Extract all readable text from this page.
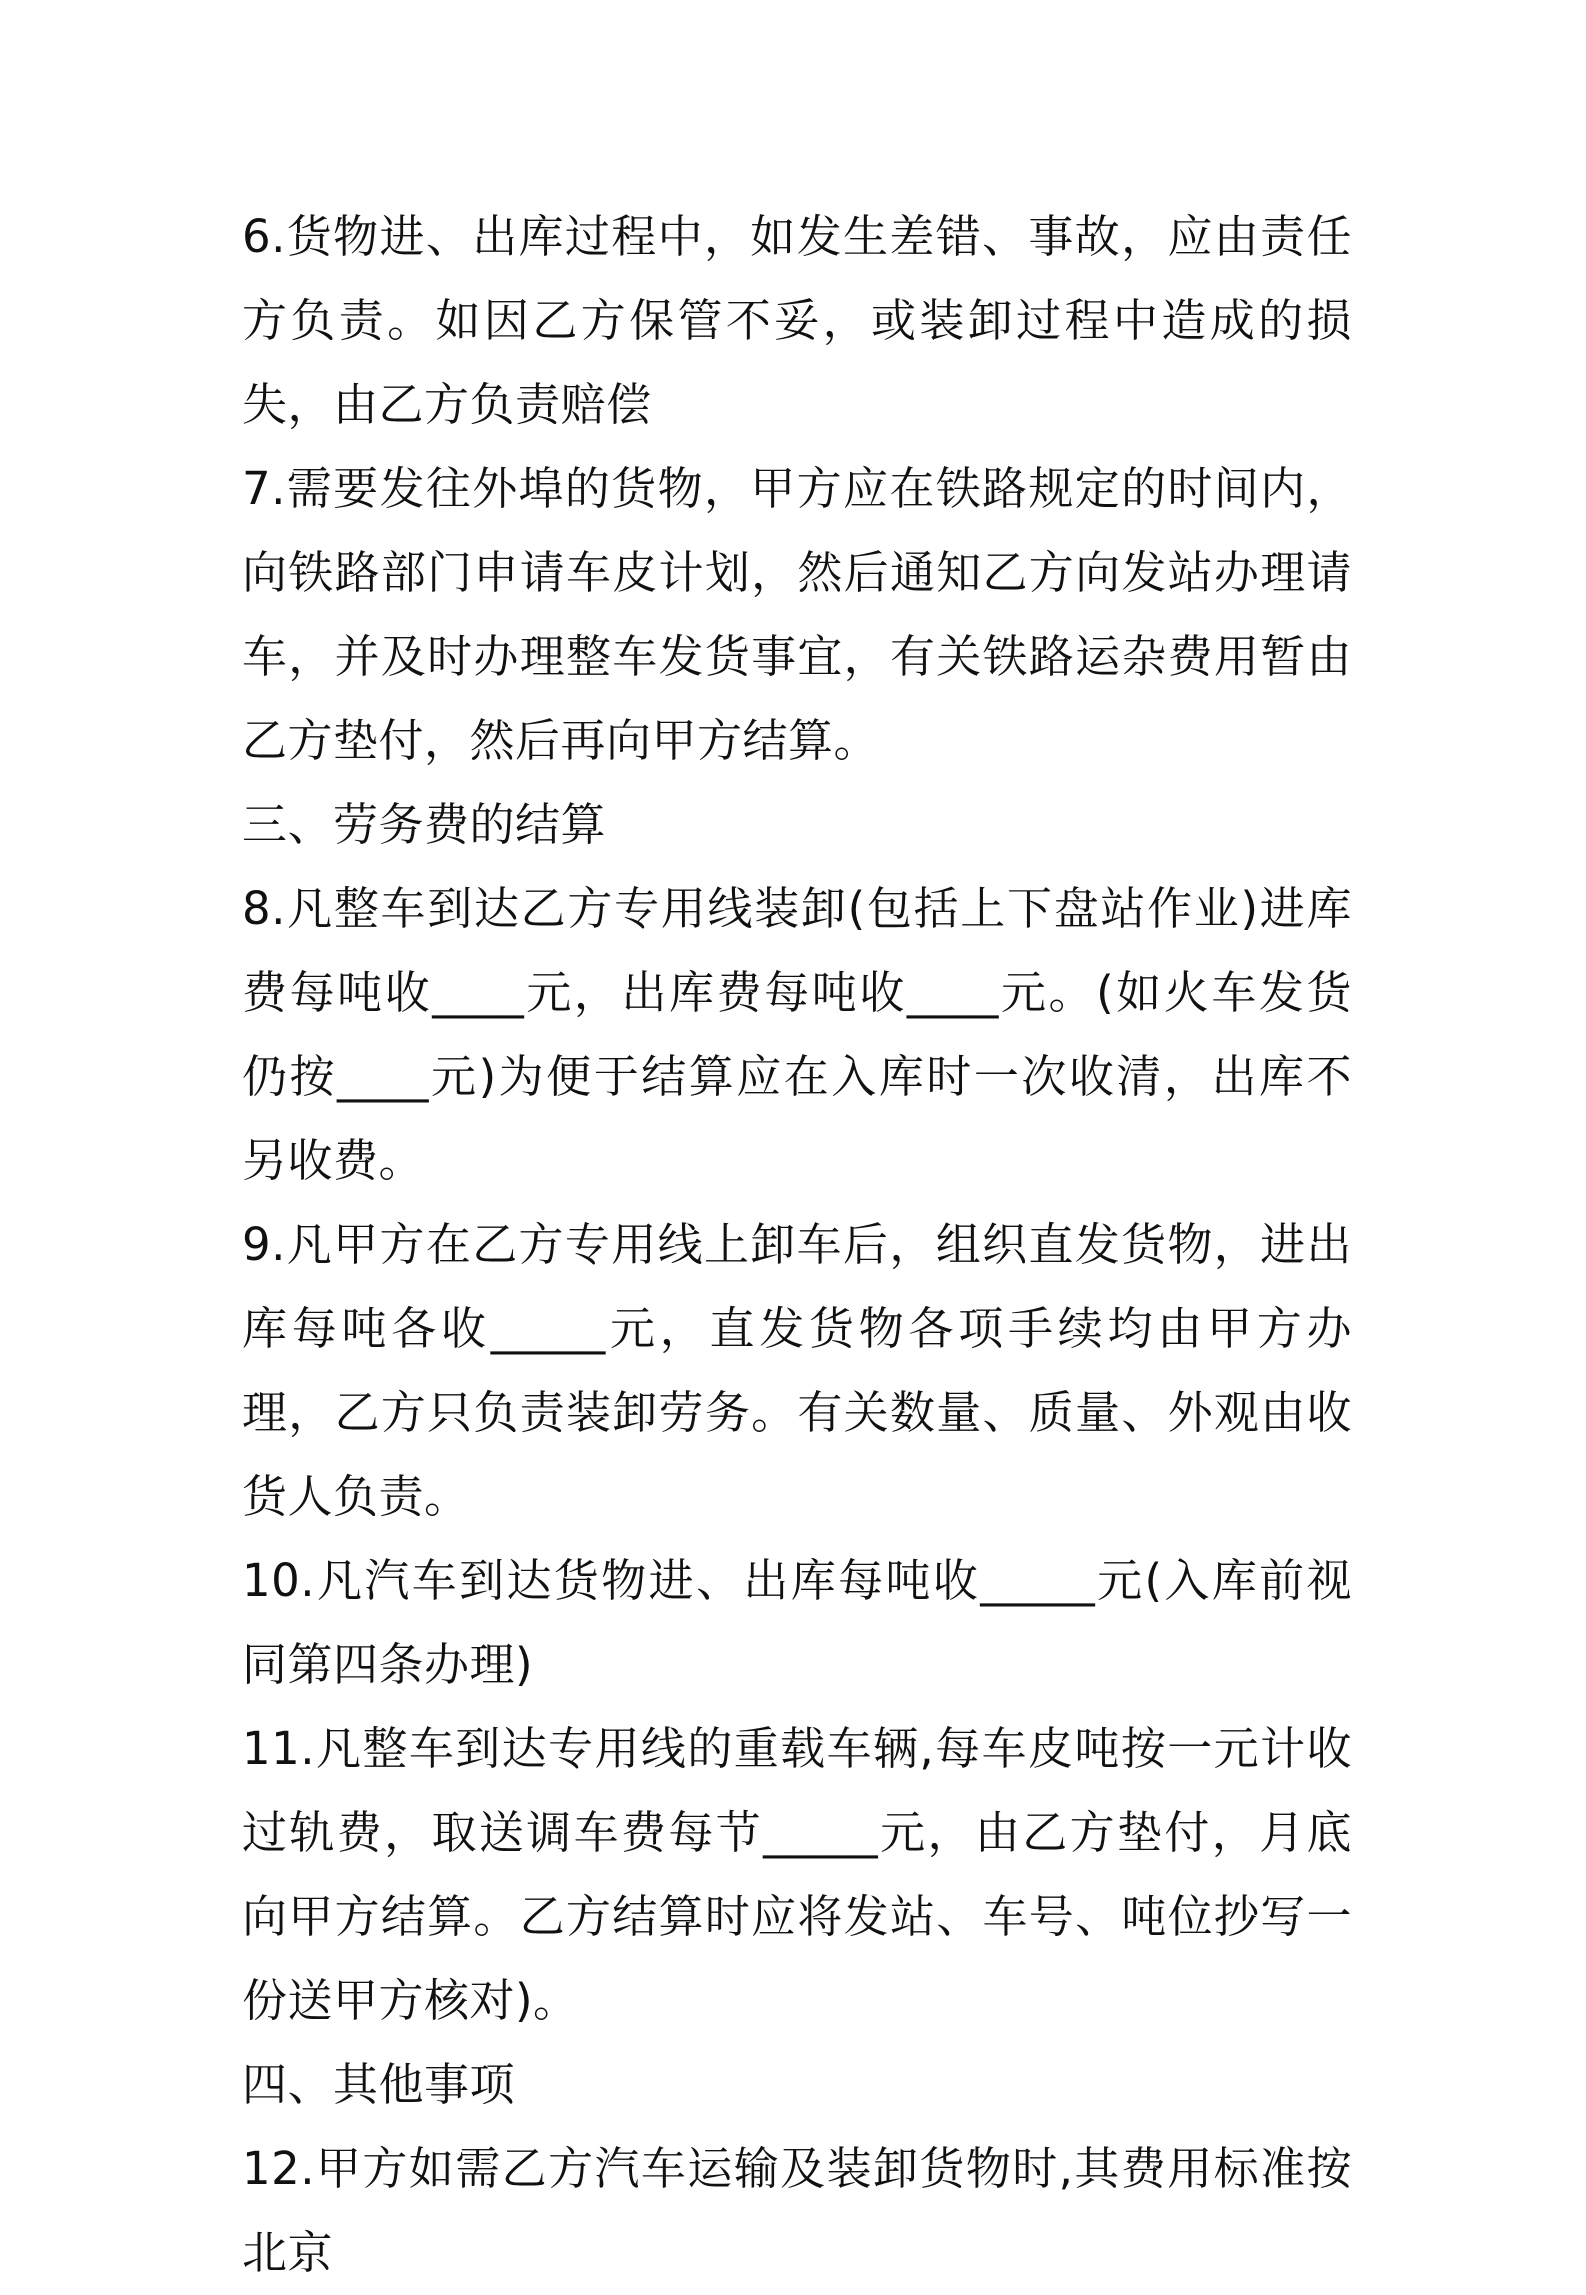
6.货物进、出库过程中，如发生差错、事故，应由责任方负责。如因乙方保管不妥，或装卸过程中造成的损失，由乙方负责赔偿

7.需要发往外埠的货物，甲方应在铁路规定的时间内，向铁路部门申请车皮计划，然后通知乙方向发站办理请车，并及时办理整车发货事宜，有关铁路运杂费用暂由乙方垫付，然后再向甲方结算。

三、劳务费的结算

8.凡整车到达乙方专用线装卸(包括上下盘站作业)进库费每吨收____元，出库费每吨收____元。(如火车发货仍按____元)为便于结算应在入库时一次收清，出库不另收费。

9.凡甲方在乙方专用线上卸车后，组织直发货物，进出库每吨各收_____元，直发货物各项手续均由甲方办理，乙方只负责装卸劳务。有关数量、质量、外观由收货人负责。

10.凡汽车到达货物进、出库每吨收_____元(入库前视同第四条办理)

11.凡整车到达专用线的重载车辆,每车皮吨按一元计收过轨费，取送调车费每节_____元，由乙方垫付，月底向甲方结算。乙方结算时应将发站、车号、吨位抄写一份送甲方核对)。

四、其他事项

12.甲方如需乙方汽车运输及装卸货物时,其费用标准按北京
